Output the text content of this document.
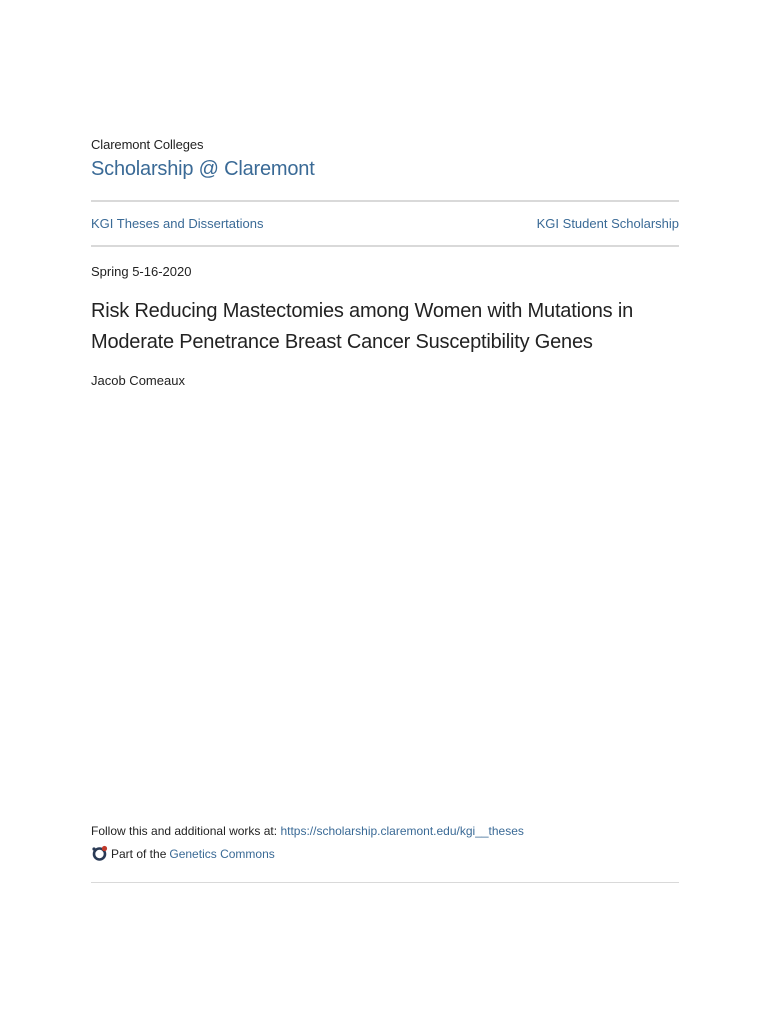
Claremont Colleges
Scholarship @ Claremont
KGI Theses and Dissertations	KGI Student Scholarship
Spring 5-16-2020
Risk Reducing Mastectomies among Women with Mutations in Moderate Penetrance Breast Cancer Susceptibility Genes
Jacob Comeaux
Follow this and additional works at: https://scholarship.claremont.edu/kgi__theses
Part of the Genetics Commons
